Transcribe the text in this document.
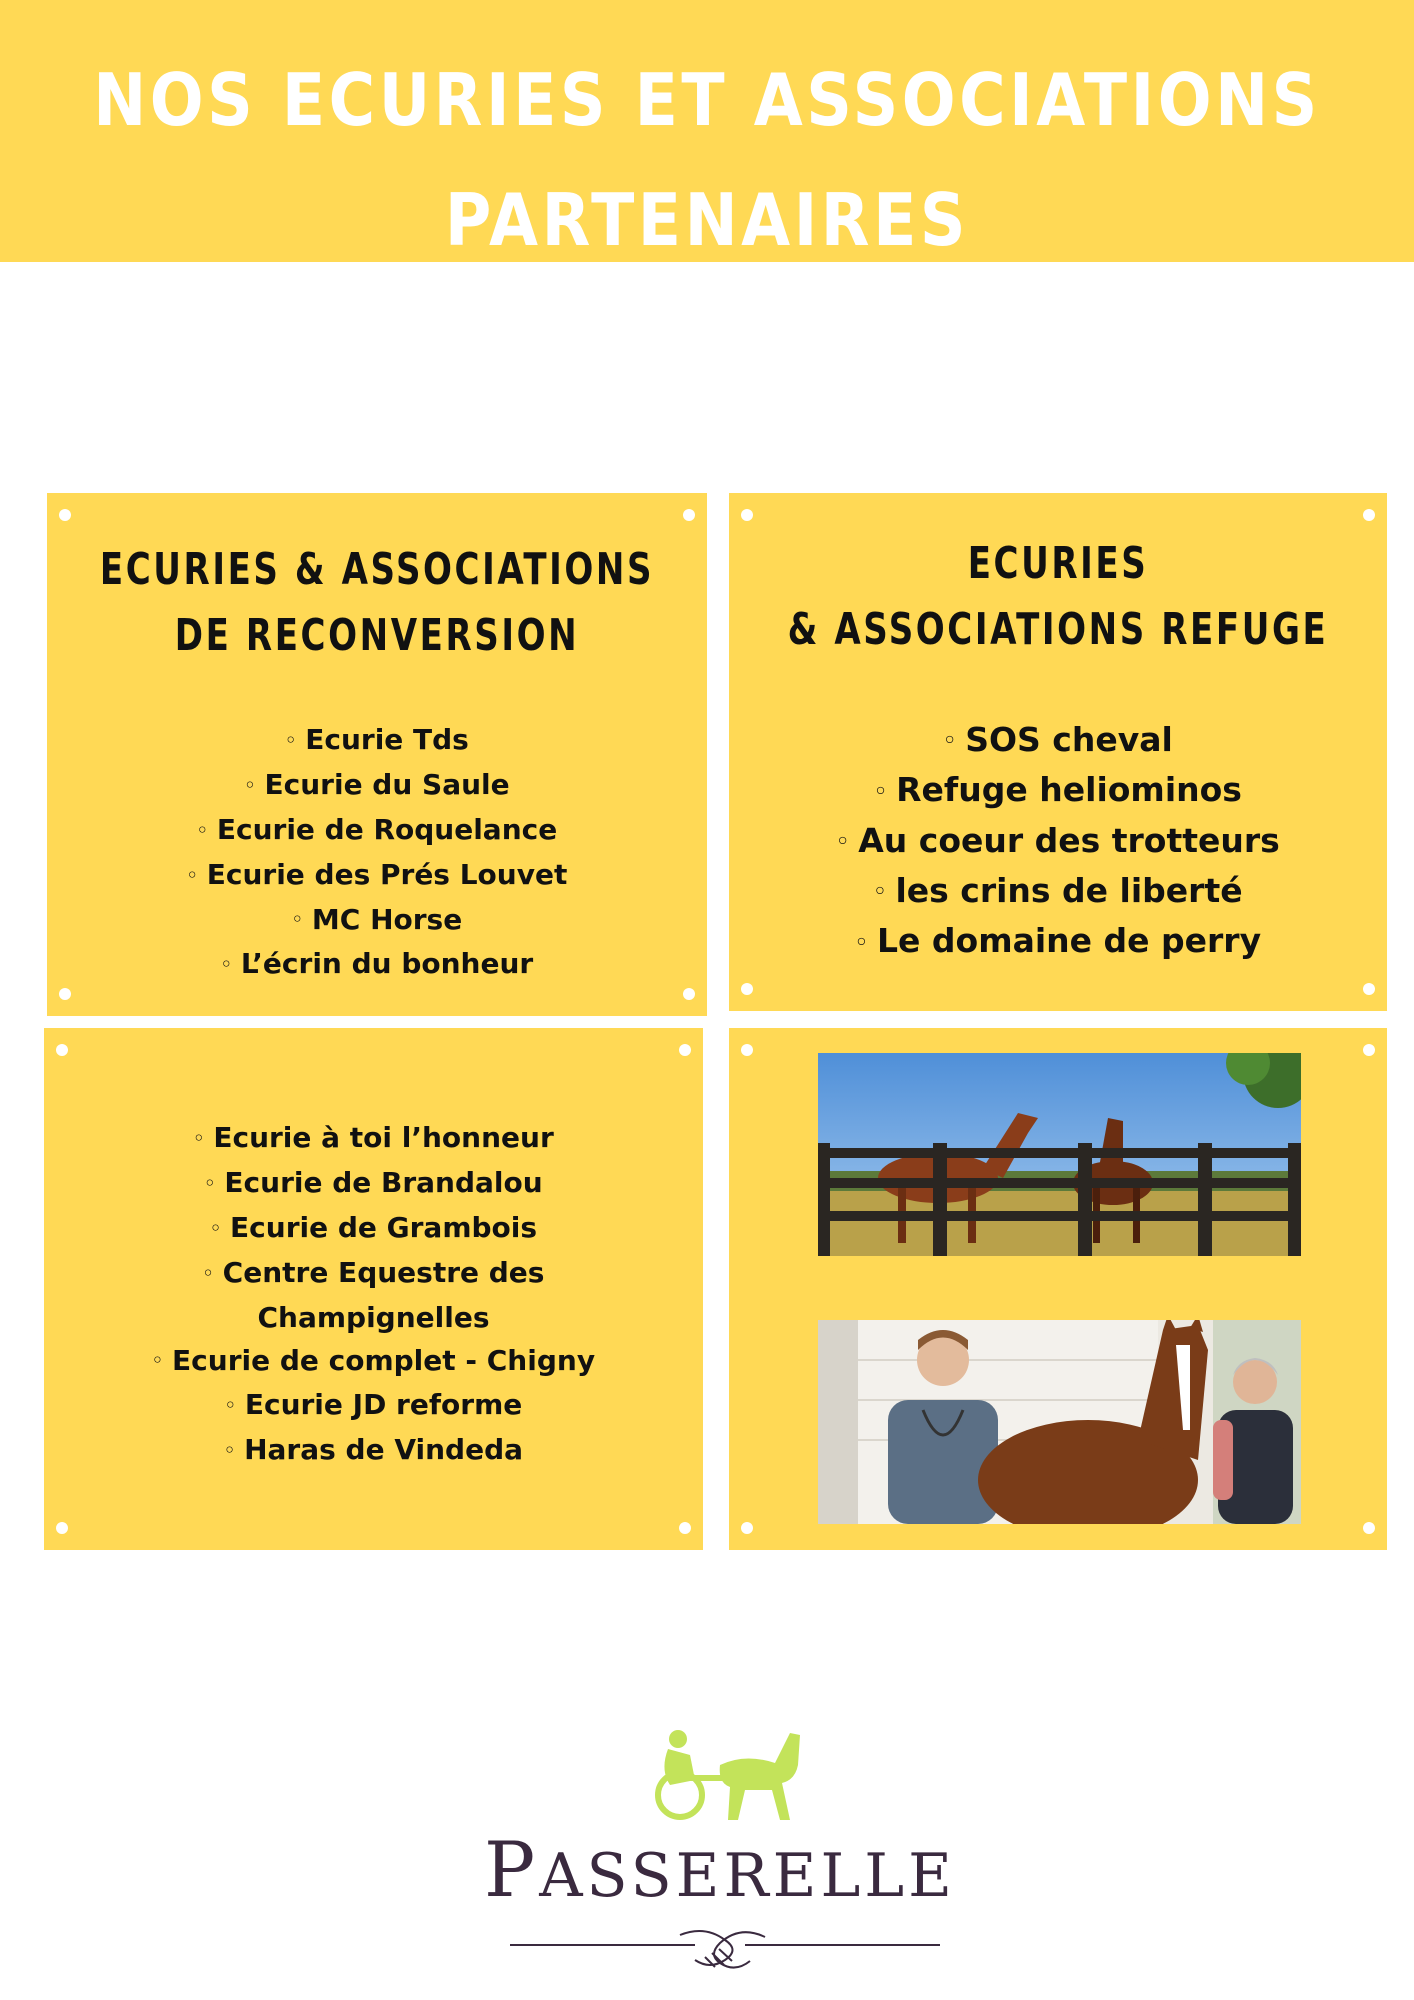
NOS ECURIES ET ASSOCIATIONS
PARTENAIRES
ECURIES & ASSOCIATIONS
DE RECONVERSION
◦ Ecurie Tds
◦ Ecurie du Saule
◦ Ecurie de Roquelance
◦ Ecurie des Prés Louvet
◦ MC Horse
◦ L’écrin du bonheur
ECURIES
& ASSOCIATIONS REFUGE
◦ SOS cheval
◦ Refuge heliominos
◦ Au coeur des trotteurs
◦ les crins de liberté
◦ Le domaine de perry
◦ Ecurie à toi l’honneur
◦ Ecurie de Brandalou
◦ Ecurie de Grambois
◦ Centre Equestre des
Champignelles
◦ Ecurie de complet - Chigny
◦ Ecurie JD reforme
◦ Haras de Vindeda
PASSERELLE
